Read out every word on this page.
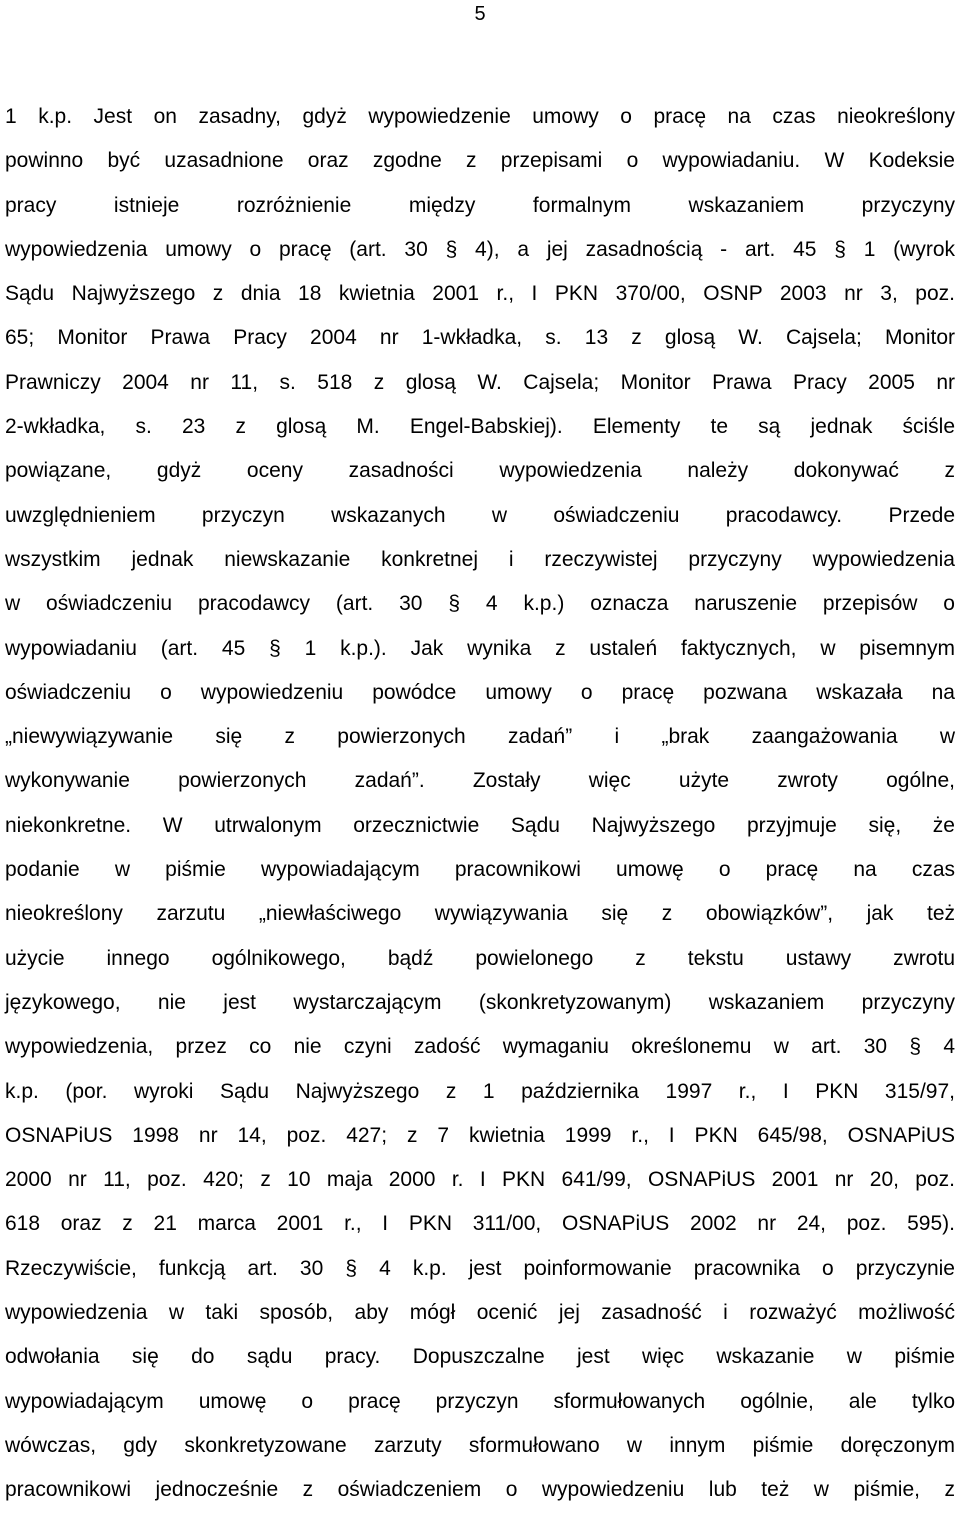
5
1 k.p. Jest on zasadny, gdyż wypowiedzenie umowy o pracę na czas nieokreślony
powinno być uzasadnione oraz zgodne z przepisami o wypowiadaniu. W Kodeksie
pracy istnieje rozróżnienie między formalnym wskazaniem przyczyny
wypowiedzenia umowy o pracę (art. 30 § 4), a jej zasadnością - art. 45 § 1 (wyrok
Sądu Najwyższego z dnia 18 kwietnia 2001 r., I PKN 370/00, OSNP 2003 nr 3, poz.
65; Monitor Prawa Pracy 2004 nr 1-wkładka, s. 13 z glosą W. Cajsela; Monitor
Prawniczy 2004 nr 11, s. 518 z glosą W. Cajsela; Monitor Prawa Pracy 2005 nr
2-wkładka, s. 23 z glosą M. Engel-Babskiej). Elementy te są jednak ściśle
powiązane, gdyż oceny zasadności wypowiedzenia należy dokonywać z
uwzględnieniem przyczyn wskazanych w oświadczeniu pracodawcy. Przede
wszystkim jednak niewskazanie konkretnej i rzeczywistej przyczyny wypowiedzenia
w oświadczeniu pracodawcy (art. 30 § 4 k.p.) oznacza naruszenie przepisów o
wypowiadaniu (art. 45 § 1 k.p.). Jak wynika z ustaleń faktycznych, w pisemnym
oświadczeniu o wypowiedzeniu powódce umowy o pracę pozwana wskazała na
„niewywiązywanie się z powierzonych zadań” i „brak zaangażowania w
wykonywanie powierzonych zadań”. Zostały więc użyte zwroty ogólne,
niekonkretne. W utrwalonym orzecznictwie Sądu Najwyższego przyjmuje się, że
podanie w piśmie wypowiadającym pracownikowi umowę o pracę na czas
nieokreślony zarzutu „niewłaściwego wywiązywania się z obowiązków”, jak też
użycie innego ogólnikowego, bądź powielonego z tekstu ustawy zwrotu
językowego, nie jest wystarczającym (skonkretyzowanym) wskazaniem przyczyny
wypowiedzenia, przez co nie czyni zadość wymaganiu określonemu w art. 30 § 4
k.p. (por. wyroki Sądu Najwyższego z 1 października 1997 r., I PKN 315/97,
OSNAPiUS 1998 nr 14, poz. 427; z 7 kwietnia 1999 r., I PKN 645/98, OSNAPiUS
2000 nr 11, poz. 420; z 10 maja 2000 r. I PKN 641/99, OSNAPiUS 2001 nr 20, poz.
618 oraz z 21 marca 2001 r., I PKN 311/00, OSNAPiUS 2002 nr 24, poz. 595).
Rzeczywiście, funkcją art. 30 § 4 k.p. jest poinformowanie pracownika o przyczynie
wypowiedzenia w taki sposób, aby mógł ocenić jej zasadność i rozważyć możliwość
odwołania się do sądu pracy. Dopuszczalne jest więc wskazanie w piśmie
wypowiadającym umowę o pracę przyczyn sformułowanych ogólnie, ale tylko
wówczas, gdy skonkretyzowane zarzuty sformułowano w innym piśmie doręczonym
pracownikowi jednocześnie z oświadczeniem o wypowiedzeniu lub też w piśmie, z
